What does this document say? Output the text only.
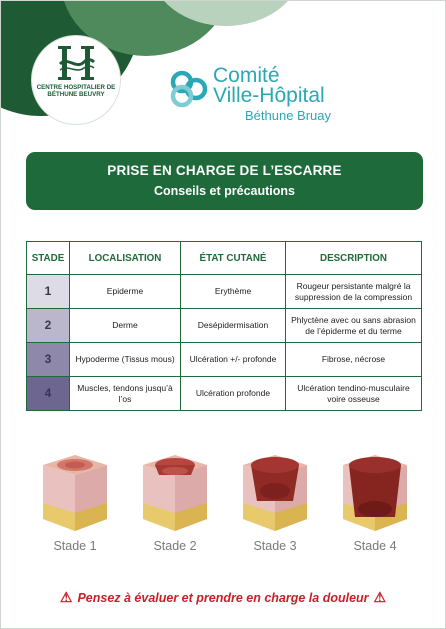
CENTRE HOSPITALIER DE BÉTHUNE BEUVRY
Comité
Ville-Hôpital
Béthune Bruay
PRISE EN CHARGE DE L’ESCARRE
Conseils et précautions
STADE	LOCALISATION	ÉTAT CUTANÉ	DESCRIPTION
1	Epiderme	Erythème	Rougeur persistante malgré la suppression de la compression
2	Derme	Desépidermisation	Phlyctène avec ou sans abrasion de l’épiderme et du terme
3	Hypoderme (Tissus mous)	Ulcération +/- profonde	Fibrose, nécrose
4	Muscles, tendons jusqu’à l’os	Ulcération profonde	Ulcération tendino-musculaire voire osseuse
Stade 1	Stade 2	Stade 3	Stade 4
⚠ Pensez à évaluer et prendre en charge la douleur ⚠
